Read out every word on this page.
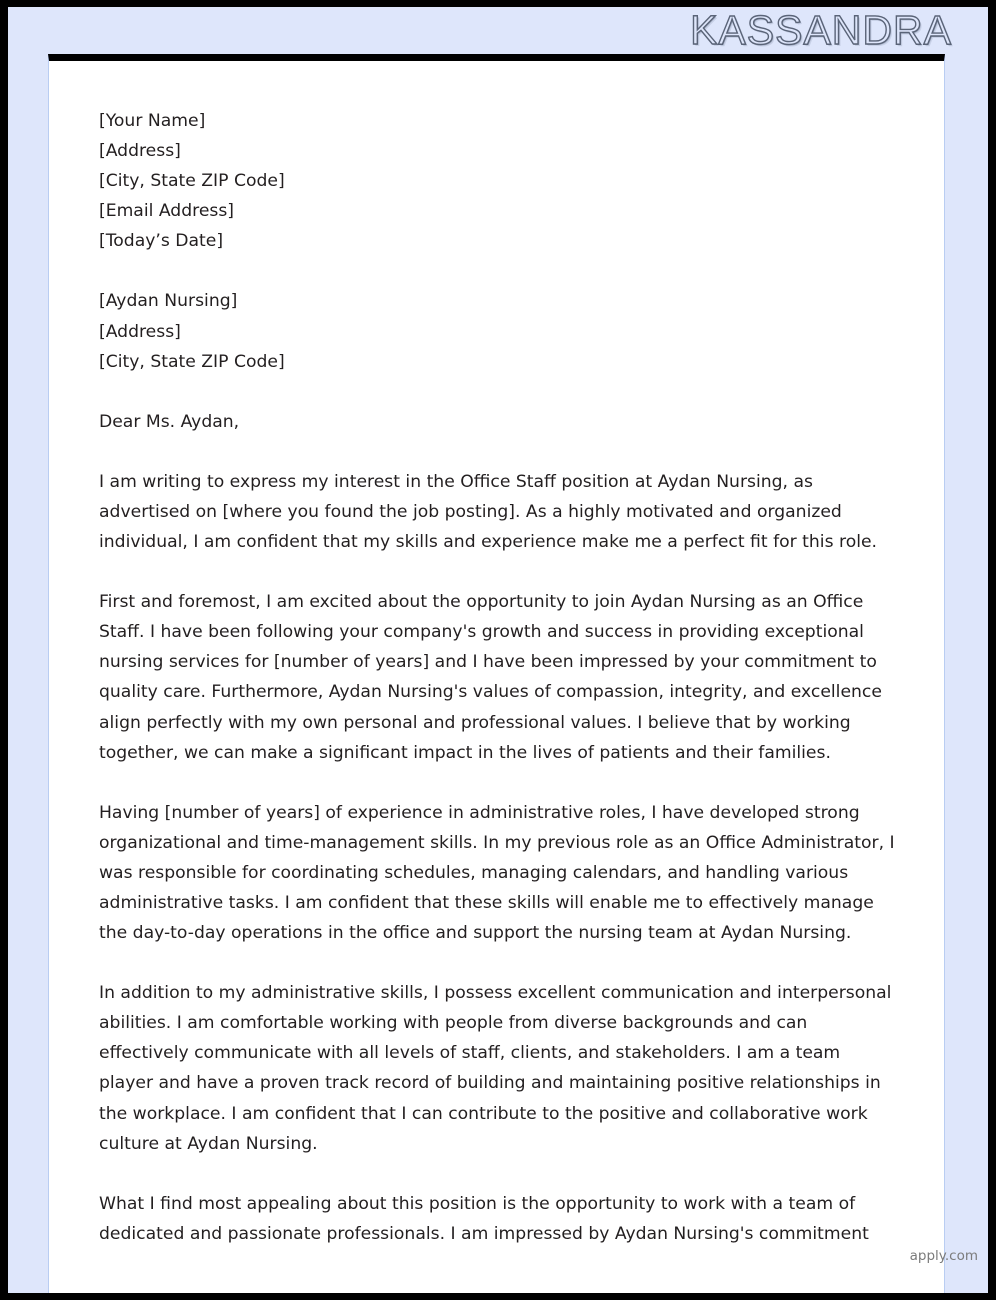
KASSANDRA
[Your Name]
[Address]
[City, State ZIP Code]
[Email Address]
[Today’s Date]
[Aydan Nursing]
[Address]
[City, State ZIP Code]
Dear Ms. Aydan,

I am writing to express my interest in the Office Staff position at Aydan Nursing, as advertised on [where you found the job posting]. As a highly motivated and organized individual, I am confident that my skills and experience make me a perfect fit for this role.

First and foremost, I am excited about the opportunity to join Aydan Nursing as an Office Staff. I have been following your company's growth and success in providing exceptional nursing services for [number of years] and I have been impressed by your commitment to quality care. Furthermore, Aydan Nursing's values of compassion, integrity, and excellence align perfectly with my own personal and professional values. I believe that by working together, we can make a significant impact in the lives of patients and their families.

Having [number of years] of experience in administrative roles, I have developed strong organizational and time-management skills. In my previous role as an Office Administrator, I was responsible for coordinating schedules, managing calendars, and handling various administrative tasks. I am confident that these skills will enable me to effectively manage the day-to-day operations in the office and support the nursing team at Aydan Nursing.

In addition to my administrative skills, I possess excellent communication and interpersonal abilities. I am comfortable working with people from diverse backgrounds and can effectively communicate with all levels of staff, clients, and stakeholders. I am a team player and have a proven track record of building and maintaining positive relationships in the workplace. I am confident that I can contribute to the positive and collaborative work culture at Aydan Nursing.

What I find most appealing about this position is the opportunity to work with a team of dedicated and passionate professionals. I am impressed by Aydan Nursing's commitment

apply.com
